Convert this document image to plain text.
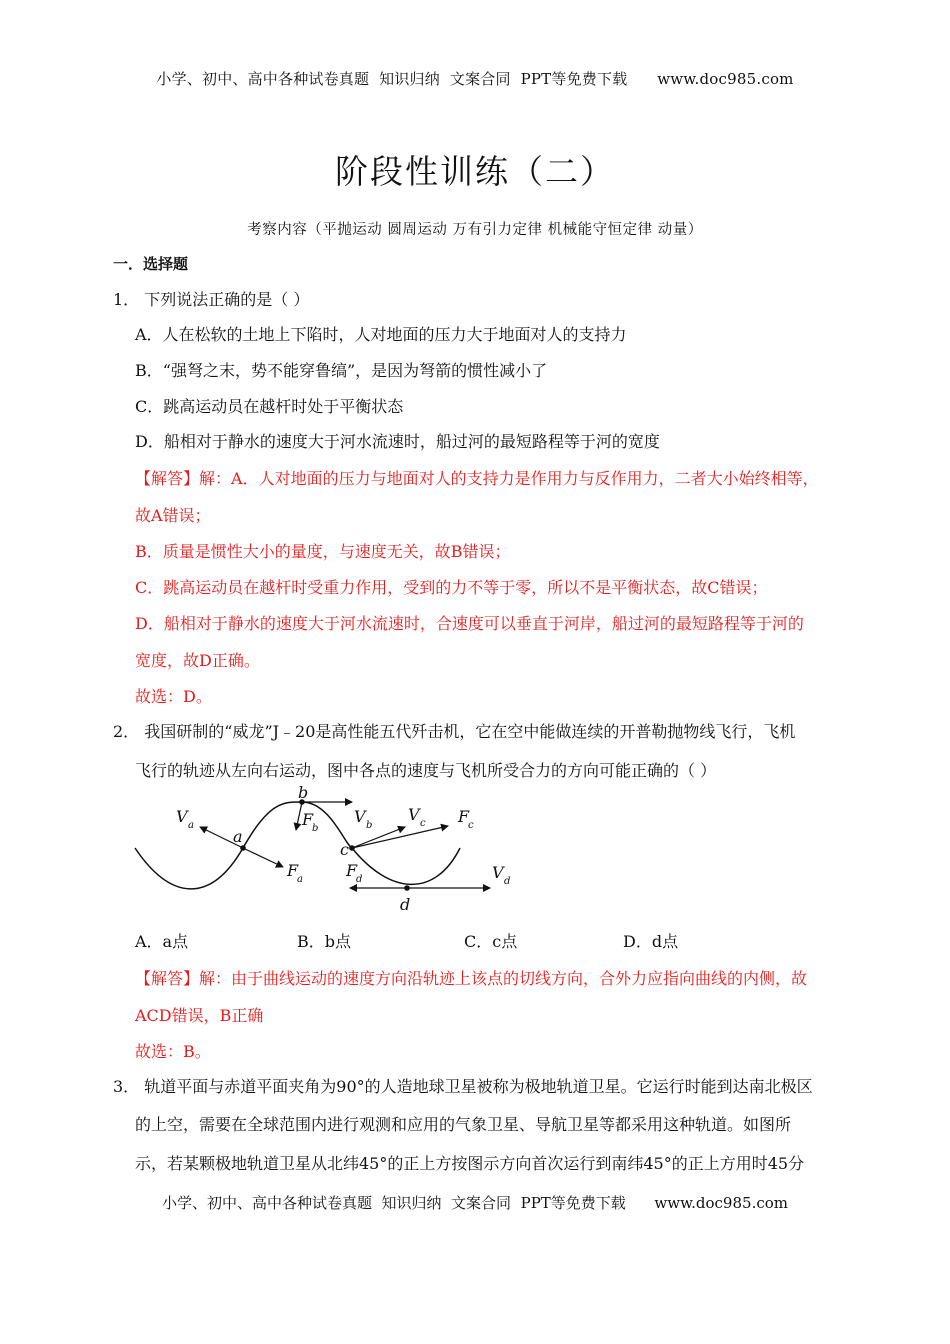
小学、初中、高中各种试卷真题  知识归纳  文案合同  PPT等免费下载      www.doc985.com
阶段性训练（二）
考察内容（平抛运动 圆周运动 万有引力定律 机械能守恒定律 动量）
一．选择题
1． 下列说法正确的是（ ）
A．人在松软的土地上下陷时，人对地面的压力大于地面对人的支持力
B．“强弩之末，势不能穿鲁缟”，是因为弩箭的惯性减小了
C．跳高运动员在越杆时处于平衡状态
D．船相对于静水的速度大于河水流速时，船过河的最短路程等于河的宽度
【解答】解：A．人对地面的压力与地面对人的支持力是作用力与反作用力，二者大小始终相等，
故A错误；
B．质量是惯性大小的量度，与速度无关，故B错误；
C．跳高运动员在越杆时受重力作用，受到的力不等于零，所以不是平衡状态，故C错误；
D．船相对于静水的速度大于河水流速时，合速度可以垂直于河岸，船过河的最短路程等于河的
宽度，故D正确。
故选：D。
2． 我国研制的“威龙”J﹣20是高性能五代歼击机，它在空中能做连续的开普勒抛物线飞行，飞机
飞行的轨迹从左向右运动，图中各点的速度与飞机所受合力的方向可能正确的（ ）
a
b
c
d
V a
F
a
F
b
V b
V c F
c
F
d	V d
A．a点	B．b点	C．c点	D．d点
【解答】解：由于曲线运动的速度方向沿轨迹上该点的切线方向，合外力应指向曲线的内侧，故
ACD错误，B正确
故选：B。
3． 轨道平面与赤道平面夹角为90°的人造地球卫星被称为极地轨道卫星。它运行时能到达南北极区
的上空，需要在全球范围内进行观测和应用的气象卫星、导航卫星等都采用这种轨道。如图所
示，若某颗极地轨道卫星从北纬45°的正上方按图示方向首次运行到南纬45°的正上方用时45分
小学、初中、高中各种试卷真题  知识归纳  文案合同  PPT等免费下载      www.doc985.com
